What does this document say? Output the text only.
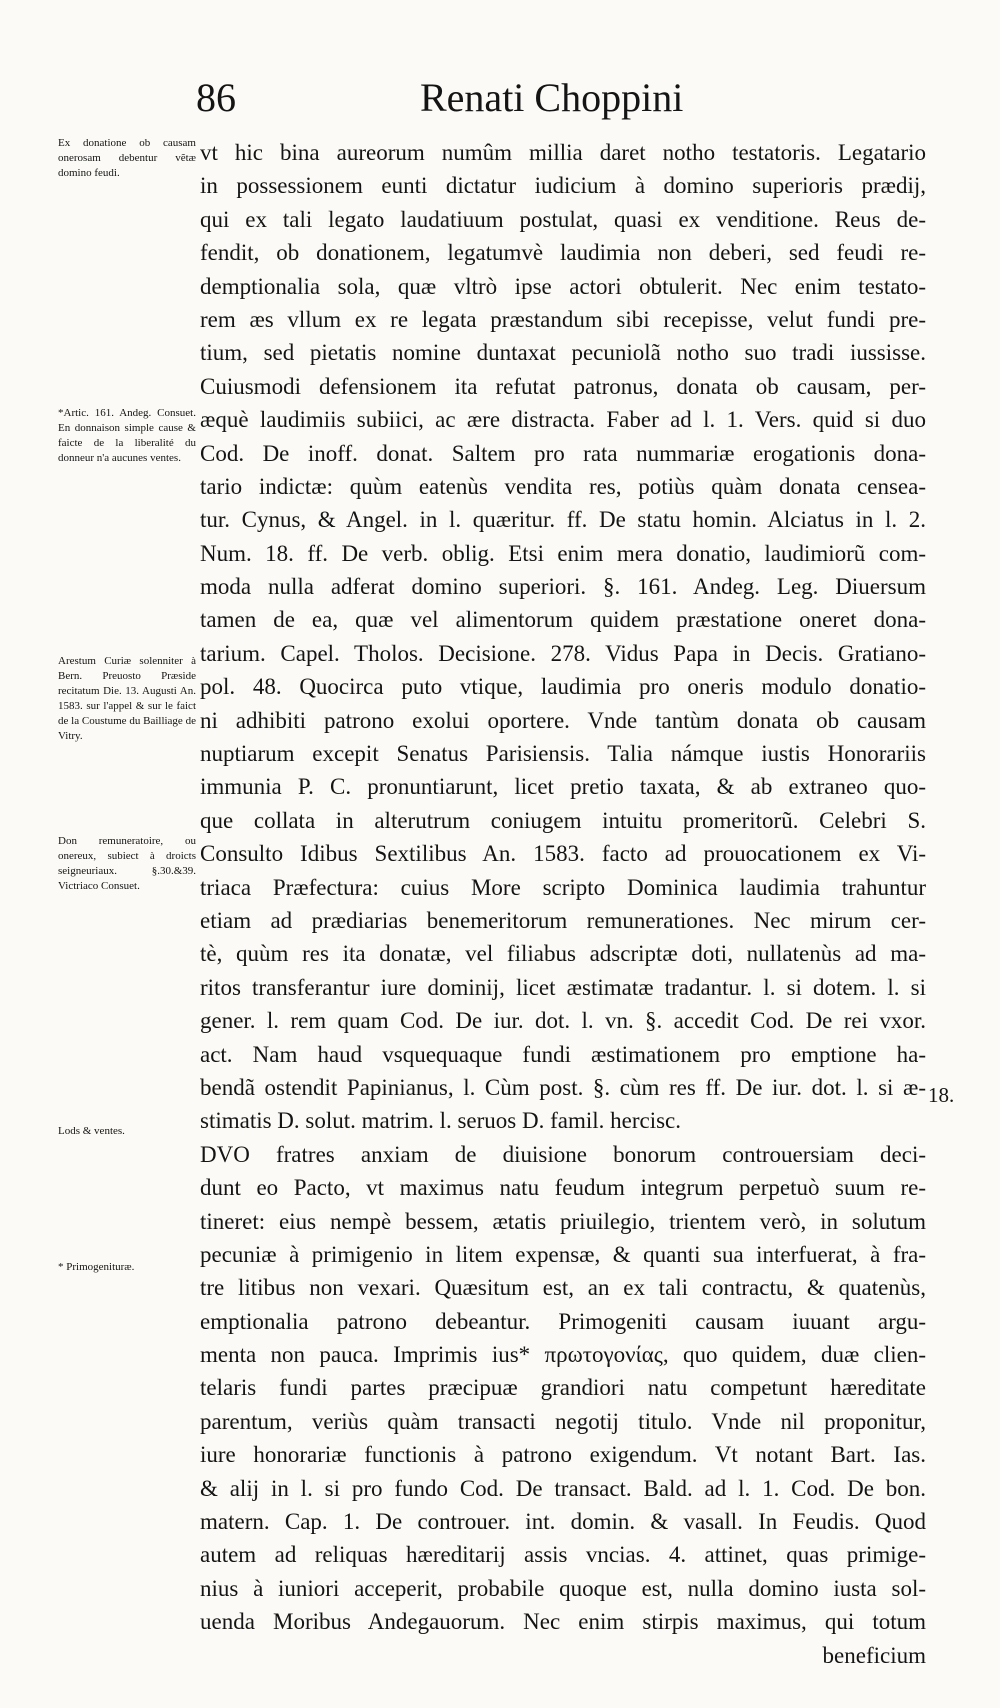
86	Renati Choppini
Ex donatione ob causam onerosam debentur vẽtæ domino feudi.
*Artic. 161. Andeg. Consuet. En donnaison simple cause & faicte de la liberalité du donneur n'a aucunes ventes.
Arestum Curiæ solenniter à Bern. Preuosto Præside recitatum Die. 13. Augusti An. 1583. sur l'appel & sur le faict de la Coustume du Bailliage de Vitry.
Don remuneratoire, ou onereux, subiect à droicts seigneuriaux. §.30.&39. Victriaco Consuet.
Lods & ventes.
* Primogenituræ.
vt hic bina aureorum numûm millia daret notho testatoris. Legatario
in possessionem eunti dictatur iudicium à domino superioris prædij,
qui ex tali legato laudatiuum postulat, quasi ex venditione. Reus de-
fendit, ob donationem, legatumvè laudimia non deberi, sed feudi re-
demptionalia sola, quæ vltrò ipse actori obtulerit. Nec enim testato-
rem æs vllum ex re legata præstandum sibi recepisse, velut fundi pre-
tium, sed pietatis nomine duntaxat pecuniolã notho suo tradi iussisse.
Cuiusmodi defensionem ita refutat patronus, donata ob causam, per-
æquè laudimiis subiici, ac ære distracta. Faber ad l. 1. Vers. quid si duo
Cod. De inoff. donat. Saltem pro rata nummariæ erogationis dona-
tario indictæ: quùm eatenùs vendita res, potiùs quàm donata censea-
tur. Cynus, & Angel. in l. quæritur. ff. De statu homin. Alciatus in l. 2.
Num. 18. ff. De verb. oblig. Etsi enim mera donatio, laudimiorũ com-
moda nulla adferat domino superiori. §. 161. Andeg. Leg. Diuersum
tamen de ea, quæ vel alimentorum quidem præstatione oneret dona-
tarium. Capel. Tholos. Decisione. 278. Vidus Papa in Decis. Gratiano-
pol. 48. Quocirca puto vtique, laudimia pro oneris modulo donatio-
ni adhibiti patrono exolui oportere. Vnde tantùm donata ob causam
nuptiarum excepit Senatus Parisiensis. Talia námque iustis Honorariis
immunia P. C. pronuntiarunt, licet pretio taxata, & ab extraneo quo-
que collata in alterutrum coniugem intuitu promeritorũ. Celebri S.
Consulto Idibus Sextilibus An. 1583. facto ad prouocationem ex Vi-
triaca Præfectura: cuius More scripto Dominica laudimia trahuntur
etiam ad prædiarias benemeritorum remunerationes. Nec mirum cer-
tè, quùm res ita donatæ, vel filiabus adscriptæ doti, nullatenùs ad ma-
ritos transferantur iure dominij, licet æstimatæ tradantur. l. si dotem. l. si
gener. l. rem quam Cod. De iur. dot. l. vn. §. accedit Cod. De rei vxor.
act. Nam haud vsquequaque fundi æstimationem pro emptione ha-
bendã ostendit Papinianus, l. Cùm post. §. cùm res ff. De iur. dot. l. si æ-
stimatis D. solut. matrim. l. seruos D. famil. hercisc.
DVO fratres anxiam de diuisione bonorum controuersiam deci-
dunt eo Pacto, vt maximus natu feudum integrum perpetuò suum re-
tineret: eius nempè bessem, ætatis priuilegio, trientem verò, in solutum
pecuniæ à primigenio in litem expensæ, & quanti sua interfuerat, à fra-
tre litibus non vexari. Quæsitum est, an ex tali contractu, & quatenùs,
emptionalia patrono debeantur. Primogeniti causam iuuant argu-
menta non pauca. Imprimis ius* πρωτογονίας, quo quidem, duæ clien-
telaris fundi partes præcipuæ grandiori natu competunt hæreditate
parentum, veriùs quàm transacti negotij titulo. Vnde nil proponitur,
iure honorariæ functionis à patrono exigendum. Vt notant Bart. Ias.
& alij in l. si pro fundo Cod. De transact. Bald. ad l. 1. Cod. De bon.
matern. Cap. 1. De controuer. int. domin. & vasall. In Feudis. Quod
autem ad reliquas hæreditarij assis vncias. 4. attinet, quas primige-
nius à iuniori acceperit, probabile quoque est, nulla domino iusta sol-
uenda Moribus Andegauorum. Nec enim stirpis maximus, qui totum
beneficium
18.
